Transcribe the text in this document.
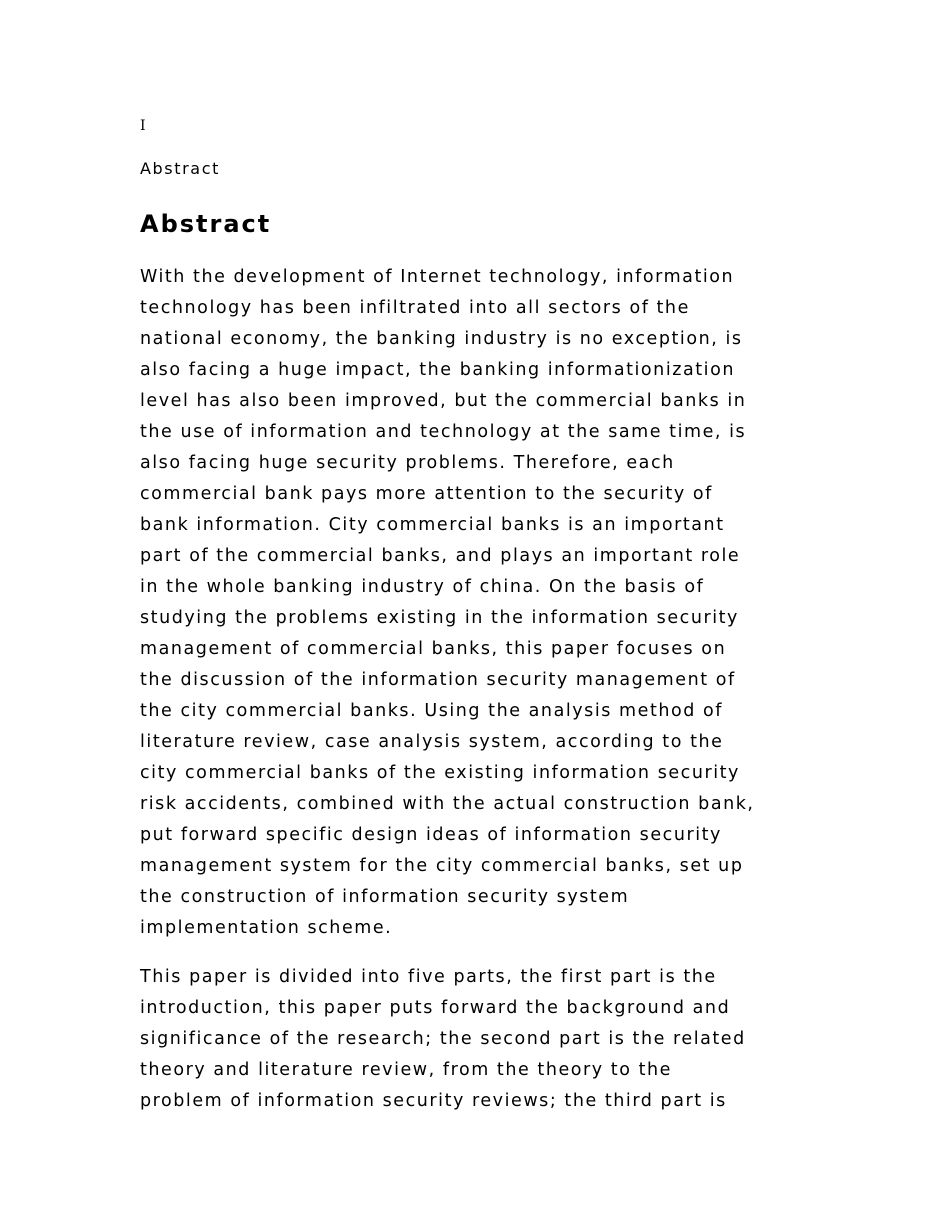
I
Abstract
Abstract

With the development of Internet technology, information
technology has been infiltrated into all sectors of the
national economy, the banking industry is no exception, is
also facing a huge impact, the banking informationization
level has also been improved, but the commercial banks in
the use of information and technology at the same time, is
also facing huge security problems. Therefore, each
commercial bank pays more attention to the security of
bank information. City commercial banks is an important
part of the commercial banks, and plays an important role
in the whole banking industry of china. On the basis of
studying the problems existing in the information security
management of commercial banks, this paper focuses on
the discussion of the information security management of
the city commercial banks. Using the analysis method of
literature review, case analysis system, according to the
city commercial banks of the existing information security
risk accidents, combined with the actual construction bank,
put forward specific design ideas of information security
management system for the city commercial banks, set up
the construction of information security system
implementation scheme.

This paper is divided into five parts, the first part is the
introduction, this paper puts forward the background and
significance of the research; the second part is the related
theory and literature review, from the theory to the
problem of information security reviews; the third part is
